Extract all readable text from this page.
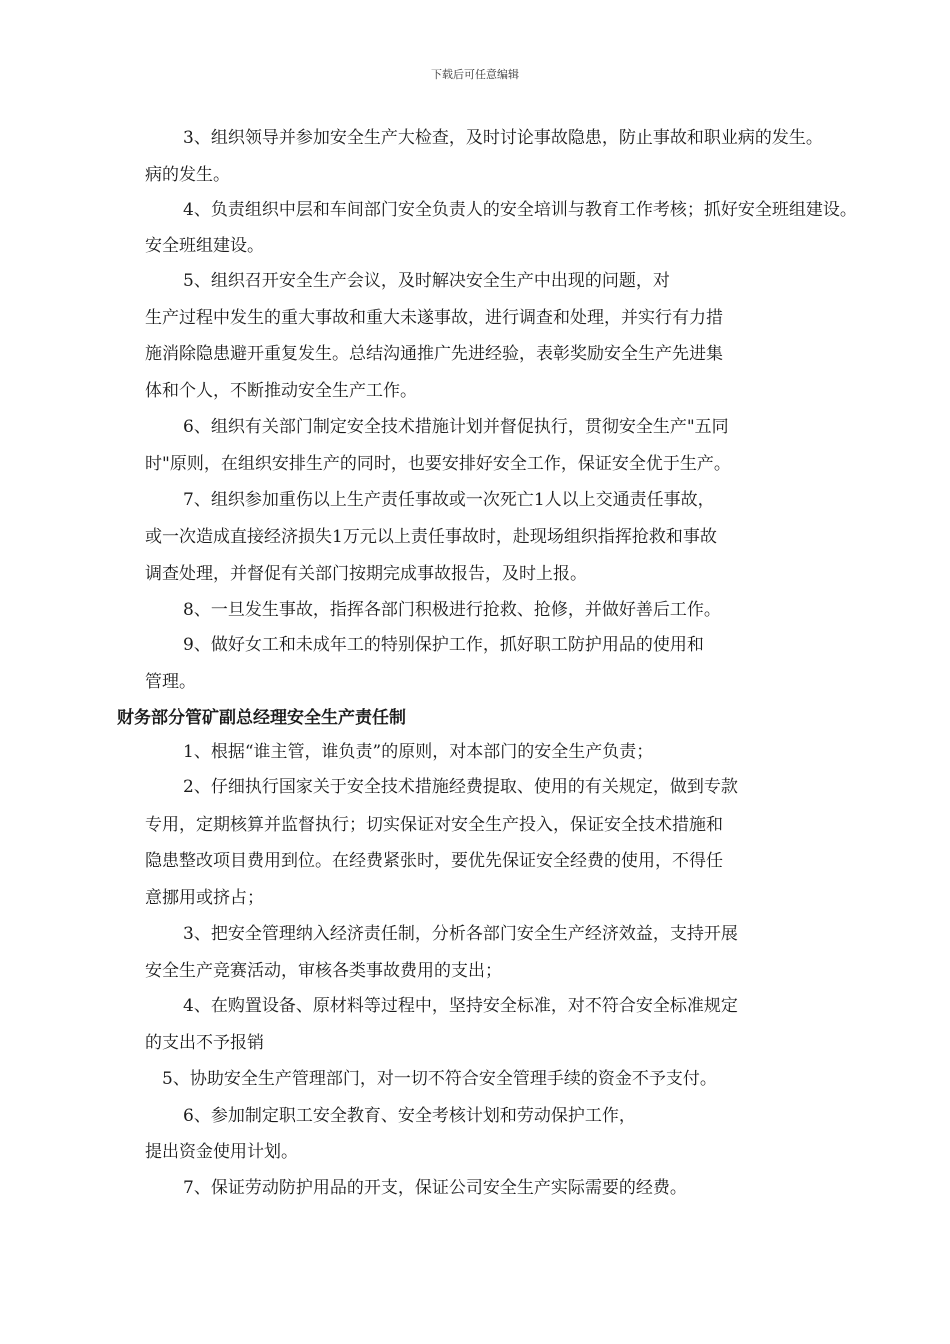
下载后可任意编辑
3、组织领导并参加安全生产大检查，及时讨论事故隐患，防止事故和职业病的发生。
病的发生。
4、负责组织中层和车间部门安全负责人的安全培训与教育工作考核；抓好安全班组建设。
安全班组建设。
5、组织召开安全生产会议，及时解决安全生产中出现的问题，对
生产过程中发生的重大事故和重大未遂事故，进行调查和处理，并实行有力措
施消除隐患避开重复发生。总结沟通推广先进经验，表彰奖励安全生产先进集
体和个人，不断推动安全生产工作。
6、组织有关部门制定安全技术措施计划并督促执行，贯彻安全生产"五同
时"原则，在组织安排生产的同时，也要安排好安全工作，保证安全优于生产。
7、组织参加重伤以上生产责任事故或一次死亡1人以上交通责任事故，
或一次造成直接经济损失1万元以上责任事故时，赴现场组织指挥抢救和事故
调查处理，并督促有关部门按期完成事故报告，及时上报。
8、一旦发生事故，指挥各部门积极进行抢救、抢修，并做好善后工作。
9、做好女工和未成年工的特别保护工作，抓好职工防护用品的使用和
管理。
财务部分管矿副总经理安全生产责任制
1、根据“谁主管，谁负责”的原则，对本部门的安全生产负责；
2、仔细执行国家关于安全技术措施经费提取、使用的有关规定，做到专款
专用，定期核算并监督执行；切实保证对安全生产投入，保证安全技术措施和
隐患整改项目费用到位。在经费紧张时，要优先保证安全经费的使用，不得任
意挪用或挤占；
3、把安全管理纳入经济责任制，分析各部门安全生产经济效益，支持开展
安全生产竞赛活动，审核各类事故费用的支出；
4、在购置设备、原材料等过程中，坚持安全标准，对不符合安全标准规定
的支出不予报销
5、协助安全生产管理部门，对一切不符合安全管理手续的资金不予支付。
6、参加制定职工安全教育、安全考核计划和劳动保护工作，
提出资金使用计划。
7、保证劳动防护用品的开支，保证公司安全生产实际需要的经费。
